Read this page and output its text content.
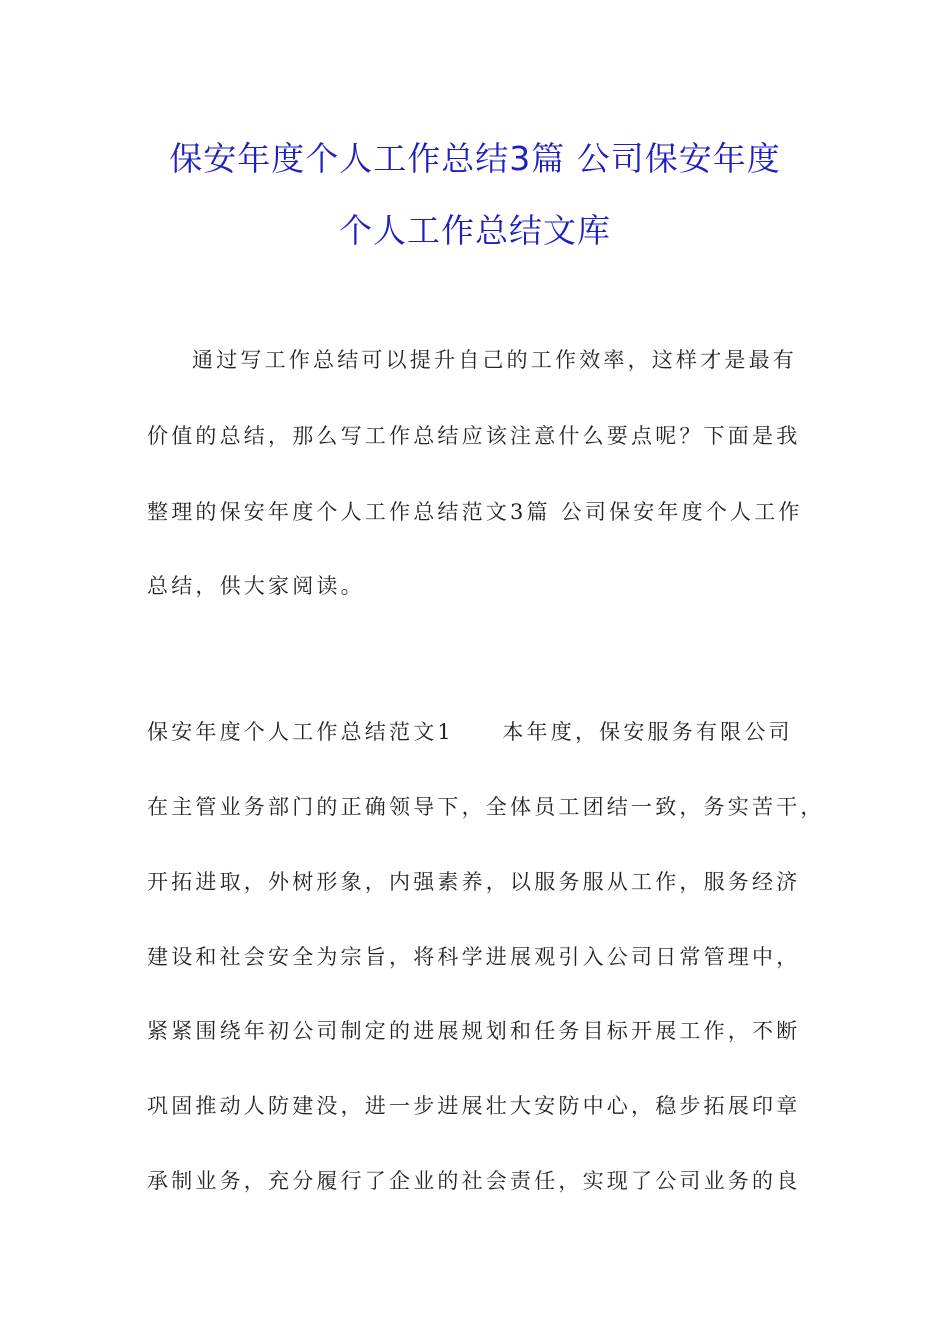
保安年度个人工作总结3篇 公司保安年度
个人工作总结文库
通过写工作总结可以提升自己的工作效率，这样才是最有
价值的总结，那么写工作总结应该注意什么要点呢？下面是我
整理的保安年度个人工作总结范文3篇 公司保安年度个人工作
总结，供大家阅读。
保安年度个人工作总结范文1　　本年度，保安服务有限公司
在主管业务部门的正确领导下，全体员工团结一致，务实苦干，
开拓进取，外树形象，内强素养，以服务服从工作，服务经济
建设和社会安全为宗旨，将科学进展观引入公司日常管理中，
紧紧围绕年初公司制定的进展规划和任务目标开展工作，不断
巩固推动人防建没，进一步进展壮大安防中心，稳步拓展印章
承制业务，充分履行了企业的社会责任，实现了公司业务的良
